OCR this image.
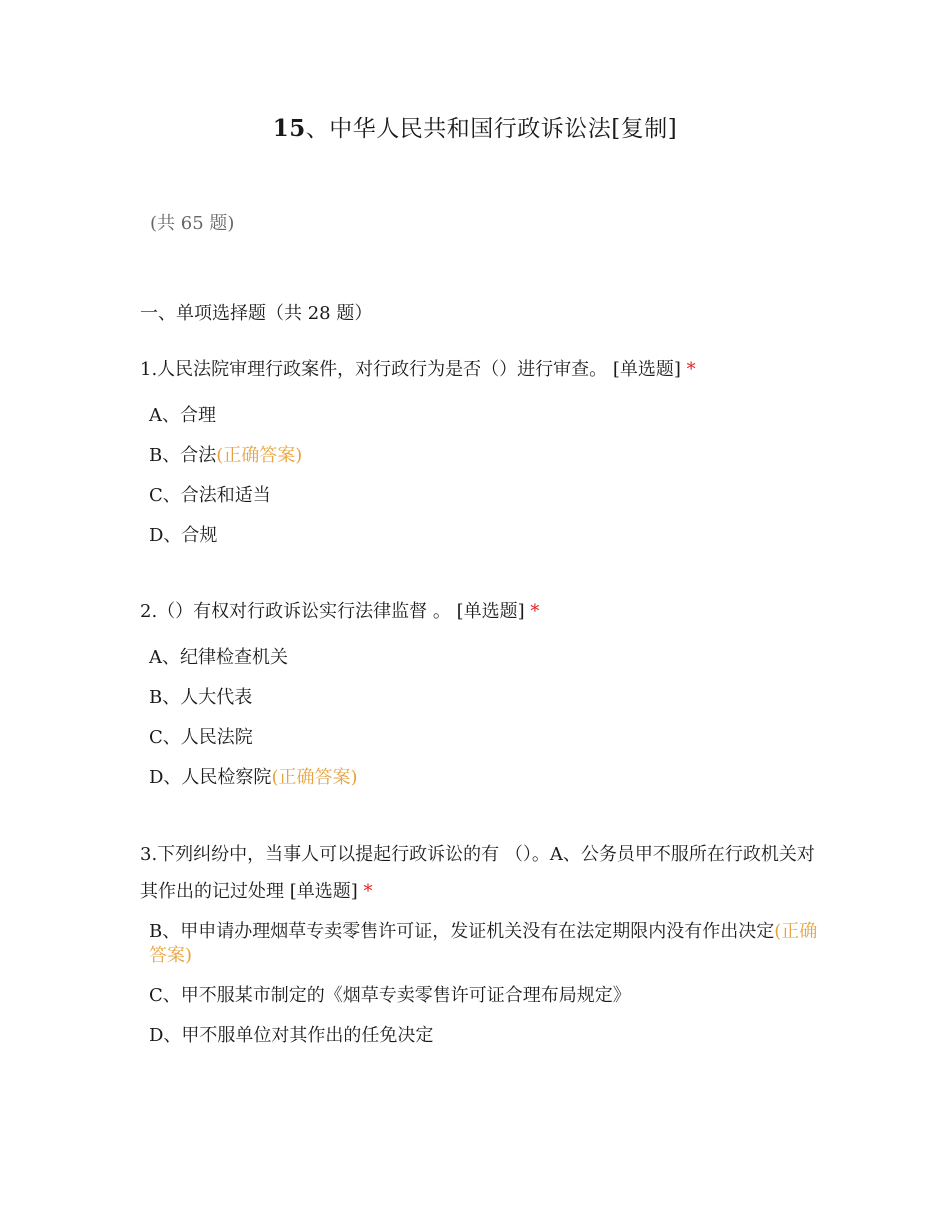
15、中华人民共和国行政诉讼法[复制]
(共 65 题)
一、单项选择题（共 28 题）
1.人民法院审理行政案件，对行政行为是否（）进行审查。 [单选题] *
A、合理
B、合法(正确答案)
C、合法和适当
D、合规
2.（）有权对行政诉讼实行法律监督 。 [单选题] *
A、纪律检查机关
B、人大代表
C、人民法院
D、人民检察院(正确答案)
3.下列纠纷中，当事人可以提起行政诉讼的有 （）。A、公务员甲不服所在行政机关对其作出的记过处理 [单选题] *
B、甲申请办理烟草专卖零售许可证，发证机关没有在法定期限内没有作出决定(正确答案)
C、甲不服某市制定的《烟草专卖零售许可证合理布局规定》
D、甲不服单位对其作出的任免决定
